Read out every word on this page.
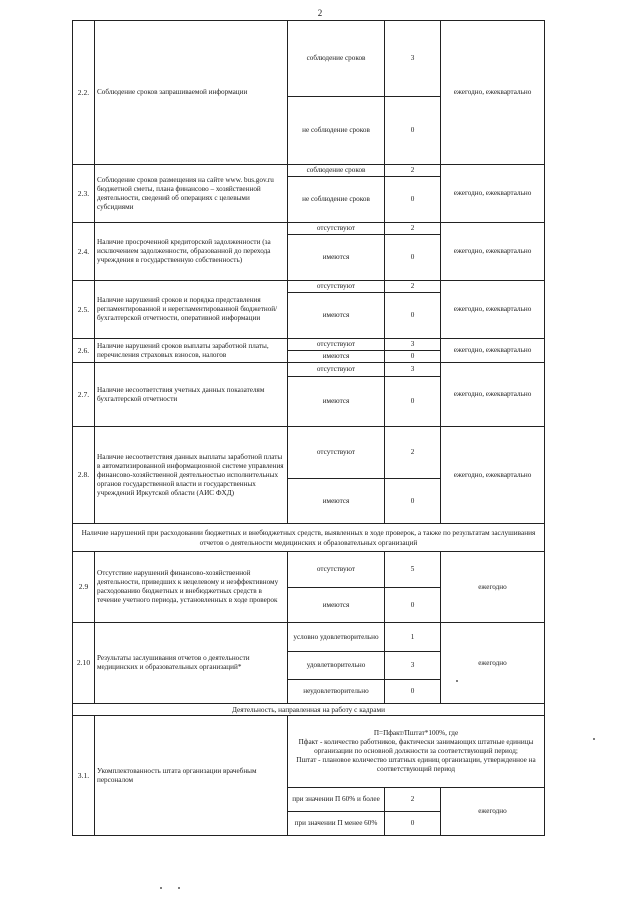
2
2.2.	Соблюдение сроков запрашиваемой информации	соблюдение сроков	3	ежегодно, ежеквартально
		не соблюдение сроков	0	
2.3.	Соблюдение сроков размещения на сайте www. bus.gov.ru бюджетной сметы, плана финансово – хозяйственной деятельности, сведений об операциях с целевыми субсидиями	соблюдение сроков	2	ежегодно, ежеквартально
		не соблюдение сроков	0	
2.4.	Наличие просроченной кредиторской задолженности (за исключением задолженности, образованной до перехода учреждения в государственную собственность)	отсутствуют	2	ежегодно, ежеквартально
		имеются	0	
2.5.	Наличие нарушений сроков и порядка представления регламентированной и нерегламентированной бюджетной/бухгалтерской отчетности, оперативной информации	отсутствуют	2	ежегодно, ежеквартально
		имеются	0	
2.6.	Наличие нарушений сроков выплаты заработной платы, перечисления страховых взносов, налогов	отсутствуют	3	ежегодно, ежеквартально
		имеются	0	
2.7.	Наличие несоответствия учетных данных показателям бухгалтерской отчетности	отсутствуют	3	ежегодно, ежеквартально
		имеются	0	
2.8.	Наличие несоответствия данных выплаты заработной платы в автоматизированной информационной системе управления финансово-хозяйственной деятельностью исполнительных органов государственной власти и государственных учреждений Иркутской области (АИС ФХД)	отсутствуют	2	ежегодно, ежеквартально
		имеются	0	
Наличие нарушений при расходовании бюджетных и внебюджетных средств, выявленных в ходе проверок, а также по результатам заслушивания отчетов о деятельности медицинских и образовательных организаций				
2.9	Отсутствие нарушений финансово-хозяйственной деятельности, приведших к нецелевому и неэффективному расходованию бюджетных и внебюджетных средств в течение учетного периода, установленных в ходе проверок	отсутствуют	5	ежегодно
		имеются	0	
2.10	Результаты заслушивания отчетов о деятельности медицинских и образовательных организаций*	условно удовлетворительно	1	ежегодно
		удовлетворительно	3	
		неудовлетворительно	0	
Деятельность, направленная на работу с кадрами				
3.1.	Укомплектованность штата организации врачебным персоналом	П=Пфакт/Пштат*100%, где
Пфакт - количество работников, фактически занимающих штатные единицы организации по основной должности за соответствующий период;
Пштат - плановое количество штатных единиц организации, утвержденное на соответствующий период		

		при значении П 60% и более	2	ежегодно
		при значении П менее 60%	0	
